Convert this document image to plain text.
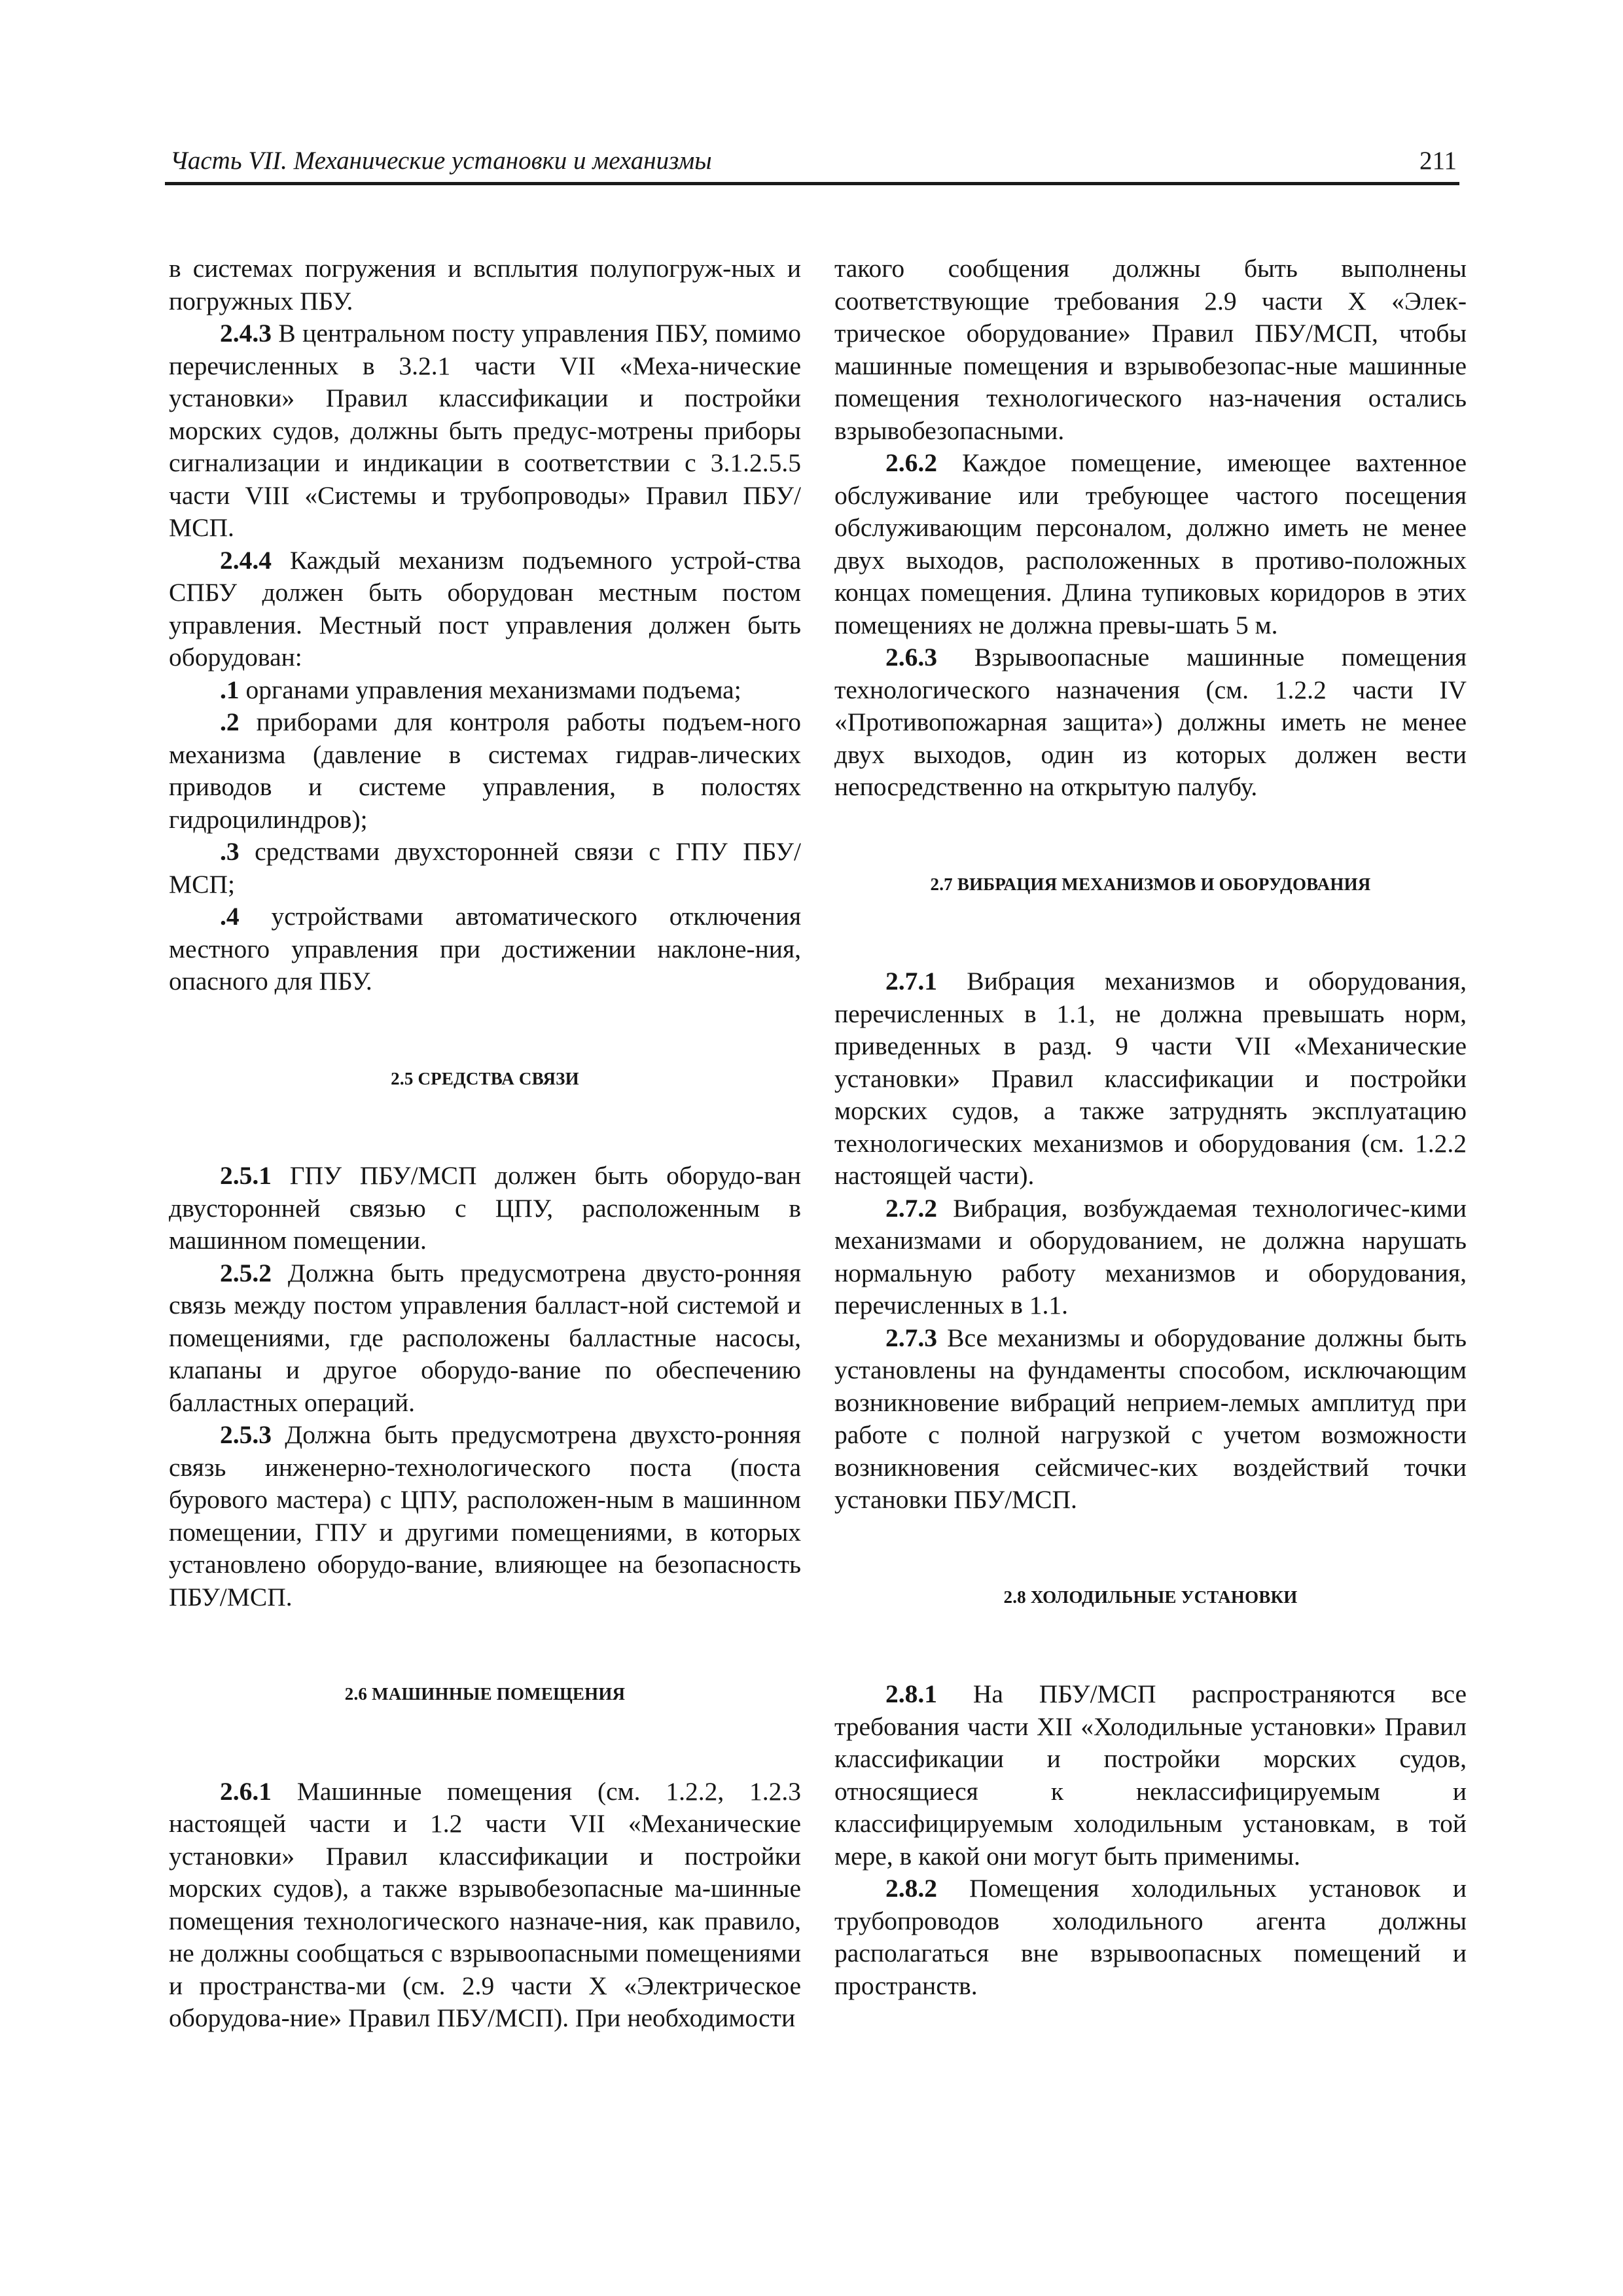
Часть VII. Механические установки и механизмы	211

в системах погружения и всплытия полупогруж-ных и погружных ПБУ.

2.4.3 В центральном посту управления ПБУ, помимо перечисленных в 3.2.1 части VII «Меха-нические установки» Правил классификации и постройки морских судов, должны быть предус-мотрены приборы сигнализации и индикации в соответствии с 3.1.2.5.5 части VIII «Системы и трубопроводы» Правил ПБУ/МСП.

2.4.4 Каждый механизм подъемного устрой-ства СПБУ должен быть оборудован местным постом управления. Местный пост управления должен быть оборудован:

.1 органами управления механизмами подъема;

.2 приборами для контроля работы подъем-ного механизма (давление в системах гидрав-лических приводов и системе управления, в полостях гидроцилиндров);

.3 средствами двухсторонней связи с ГПУ ПБУ/МСП;

.4 устройствами автоматического отключения местного управления при достижении наклоне-ния, опасного для ПБУ.

2.5 СРЕДСТВА СВЯЗИ

2.5.1 ГПУ ПБУ/МСП должен быть оборудо-ван двусторонней связью с ЦПУ, расположенным в машинном помещении.

2.5.2 Должна быть предусмотрена двусто-ронняя связь между постом управления балласт-ной системой и помещениями, где расположены балластные насосы, клапаны и другое оборудо-вание по обеспечению балластных операций.

2.5.3 Должна быть предусмотрена двухсто-ронняя связь инженерно-технологического поста (поста бурового мастера) с ЦПУ, расположен-ным в машинном помещении, ГПУ и другими помещениями, в которых установлено оборудо-вание, влияющее на безопасность ПБУ/МСП.

2.6 МАШИННЫЕ ПОМЕЩЕНИЯ

2.6.1 Машинные помещения (см. 1.2.2, 1.2.3 настоящей части и 1.2 части VII «Механические установки» Правил классификации и постройки морских судов), а также взрывобезопасные ма-шинные помещения технологического назначе-ния, как правило, не должны сообщаться с взрывоопасными помещениями и пространства-ми (см. 2.9 части X «Электрическое оборудова-ние» Правил ПБУ/МСП). При необходимости

такого сообщения должны быть выполнены соответствующие требования 2.9 части X «Элек-трическое оборудование» Правил ПБУ/МСП, чтобы машинные помещения и взрывобезопас-ные машинные помещения технологического наз-начения остались взрывобезопасными.

2.6.2 Каждое помещение, имеющее вахтенное обслуживание или требующее частого посещения обслуживающим персоналом, должно иметь не менее двух выходов, расположенных в противо-положных концах помещения. Длина тупиковых коридоров в этих помещениях не должна превы-шать 5 м.

2.6.3 Взрывоопасные машинные помещения технологического назначения (см. 1.2.2 части IV «Противопожарная защита») должны иметь не менее двух выходов, один из которых должен вести непосредственно на открытую палубу.

2.7 ВИБРАЦИЯ МЕХАНИЗМОВ И ОБОРУДОВАНИЯ

2.7.1 Вибрация механизмов и оборудования, перечисленных в 1.1, не должна превышать норм, приведенных в разд. 9 части VII «Механические установки» Правил классификации и постройки морских судов, а также затруднять эксплуатацию технологических механизмов и оборудования (см. 1.2.2 настоящей части).

2.7.2 Вибрация, возбуждаемая технологичес-кими механизмами и оборудованием, не должна нарушать нормальную работу механизмов и оборудования, перечисленных в 1.1.

2.7.3 Все механизмы и оборудование должны быть установлены на фундаменты способом, исключающим возникновение вибраций неприем-лемых амплитуд при работе с полной нагрузкой с учетом возможности возникновения сейсмичес-ких воздействий точки установки ПБУ/МСП.

2.8 ХОЛОДИЛЬНЫЕ УСТАНОВКИ

2.8.1 На ПБУ/МСП распространяются все требования части XII «Холодильные установки» Правил классификации и постройки морских судов, относящиеся к неклассифицируемым и классифицируемым холодильным установкам, в той мере, в какой они могут быть применимы.

2.8.2 Помещения холодильных установок и трубопроводов холодильного агента должны располагаться вне взрывоопасных помещений и пространств.
